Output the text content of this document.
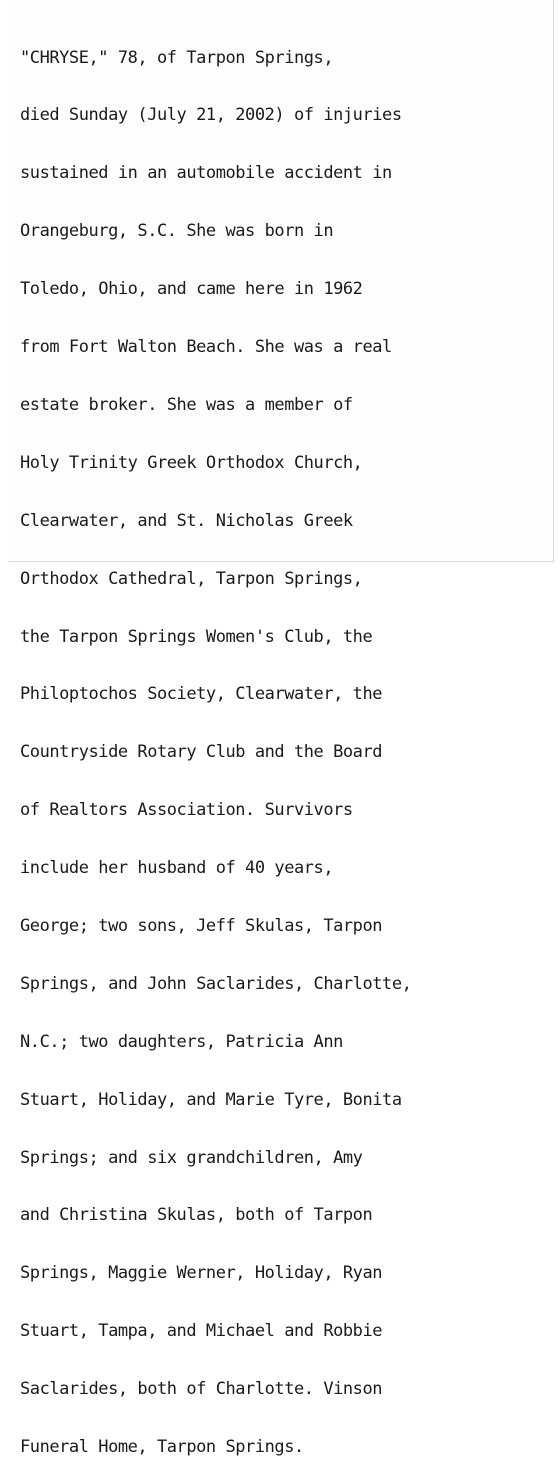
"CHRYSE," 78, of Tarpon Springs,

died Sunday (July 21, 2002) of injuries

sustained in an automobile accident in

Orangeburg, S.C. She was born in

Toledo, Ohio, and came here in 1962

from Fort Walton Beach. She was a real

estate broker. She was a member of

Holy Trinity Greek Orthodox Church,

Clearwater, and St. Nicholas Greek

Orthodox Cathedral, Tarpon Springs,

the Tarpon Springs Women's Club, the

Philoptochos Society, Clearwater, the

Countryside Rotary Club and the Board

of Realtors Association. Survivors

include her husband of 40 years,

George; two sons, Jeff Skulas, Tarpon

Springs, and John Saclarides, Charlotte,

N.C.; two daughters, Patricia Ann

Stuart, Holiday, and Marie Tyre, Bonita

Springs; and six grandchildren, Amy

and Christina Skulas, both of Tarpon

Springs, Maggie Werner, Holiday, Ryan

Stuart, Tampa, and Michael and Robbie

Saclarides, both of Charlotte. Vinson

Funeral Home, Tarpon Springs.
